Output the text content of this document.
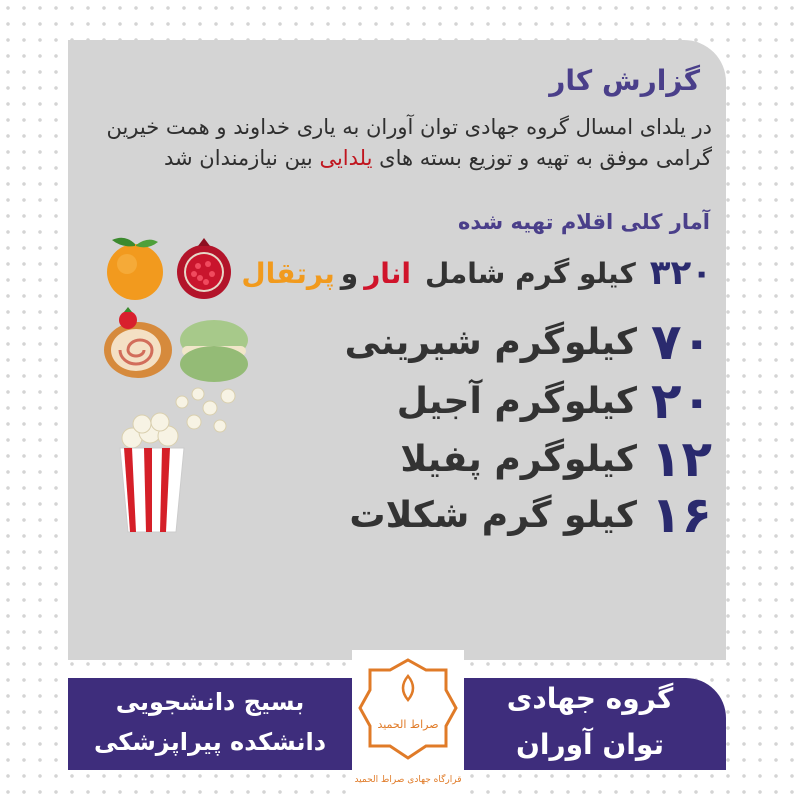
گزارش کار
در یلدای امسال گروه جهادی توان آوران به یاری خداوند و همت خیرین گرامی موفق به تهیه و توزیع بسته های یلدایی بین نیازمندان شد
آمار کلی اقلام تهیه شده
۳۲۰
کیلو گرم شامل
انار
و
پرتقال
۷۰
کیلوگرم شیرینی
۲۰
کیلوگرم آجیل
۱۲
کیلوگرم پفیلا
۱۶
کیلو گرم شکلات
بسیج دانشجویی
دانشکده پیراپزشکی
گروه جهادی
توان آوران
صراط الحمید
قرارگاه جهادی صراط الحمید
